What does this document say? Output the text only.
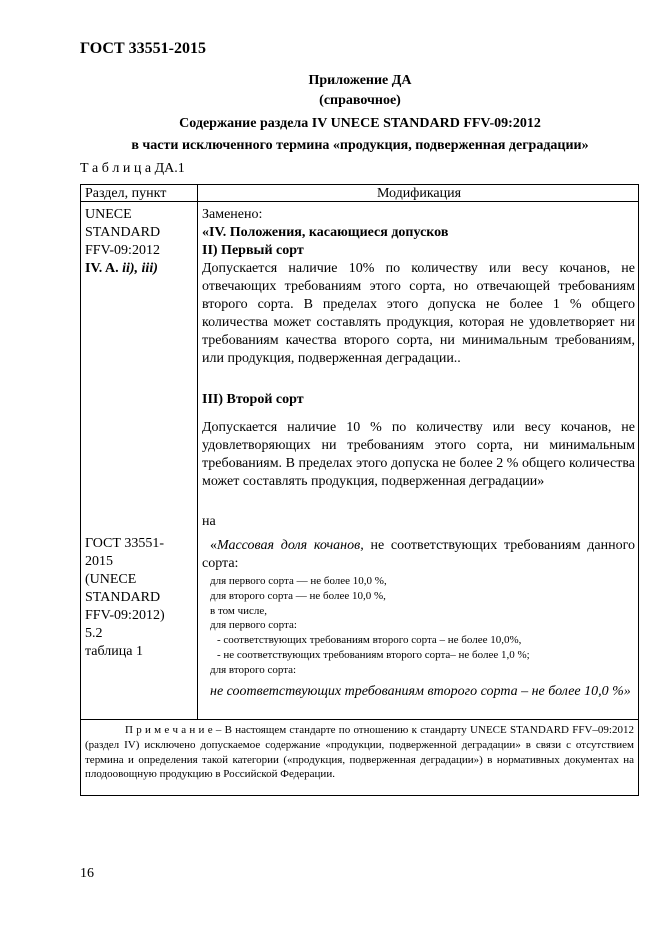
ГОСТ 33551-2015
Приложение ДА
(справочное)
Содержание раздела IV UNECE STANDARD FFV-09:2012
в части исключенного термина «продукция, подверженная деградации»
Т а б л и ц а ДА.1
Раздел, пункт	Модификация
UNECE
STANDARD
FFV-09:2012
IV. A. ii), iii)
ГОСТ 33551-
2015
(UNECE
STANDARD
FFV-09:2012)
5.2
таблица 1
Заменено:
«IV. Положения, касающиеся допусков
II) Первый сорт
Допускается наличие 10% по количеству или весу кочанов, не отвечающих требованиям этого сорта, но отвечающей требованиям второго сорта. В пределах этого допуска не более 1 % общего количества может составлять продукция, которая не удовлетворяет ни требованиям качества второго сорта, ни минимальным требованиям, или продукция, подверженная деградации..
III) Второй сорт
Допускается наличие 10 % по количеству или весу кочанов, не удовлетворяющих ни требованиям этого сорта, ни минимальным требованиям. В пределах этого допуска не более 2 % общего количества может составлять продукция, подверженная деградации»
на
«Массовая доля кочанов, не соответствующих требованиям данного сорта:
для первого сорта — не более 10,0 %,
для второго сорта — не более 10,0 %,
в том числе,
для первого сорта:
- соответствующих требованиям второго сорта – не более 10,0%,
- не соответствующих требованиям второго сорта– не более 1,0 %;
для второго сорта:
не соответствующих требованиям второго сорта – не более 10,0 %»
П р и м е ч а н и е – В настоящем стандарте по отношению к стандарту UNECE STANDARD FFV–09:2012 (раздел IV) исключено допускаемое содержание «продукции, подверженной деградации» в связи с отсутствием термина и определения такой категории («продукция, подверженная деградации») в нормативных документах на плодоовощную продукцию в Российской Федерации.
16
